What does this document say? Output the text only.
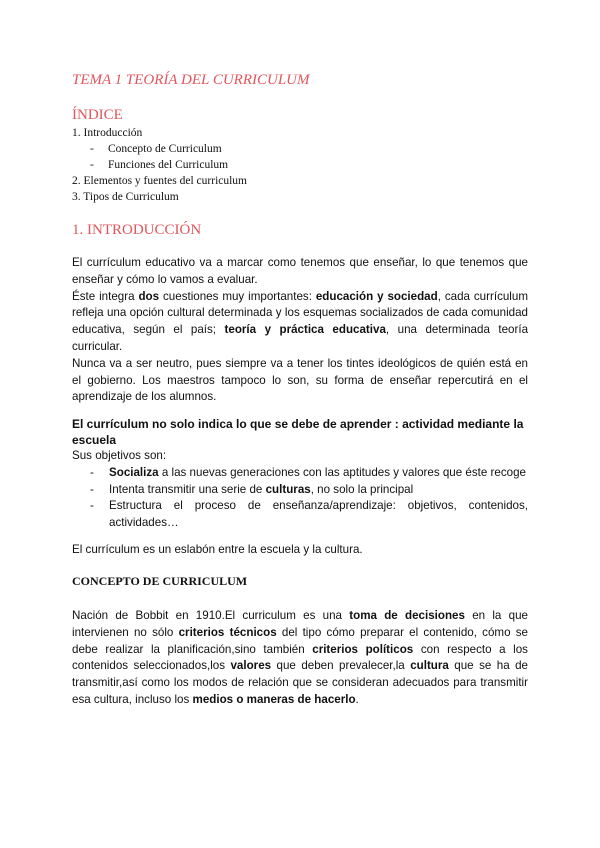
TEMA 1 TEORÍA DEL CURRICULUM
ÍNDICE
1. Introducción
- Concepto de Curriculum
- Funciones del Curriculum
2. Elementos y fuentes del curriculum
3. Tipos de Curriculum
1. INTRODUCCIÓN
El currículum educativo va a marcar como tenemos que enseñar, lo que tenemos que enseñar y cómo lo vamos a evaluar.
Éste integra dos cuestiones muy importantes: educación y sociedad, cada currículum refleja una opción cultural determinada y los esquemas socializados de cada comunidad educativa, según el país; teoría y práctica educativa, una determinada teoría curricular.
Nunca va a ser neutro, pues siempre va a tener los tintes ideológicos de quién está en el gobierno. Los maestros tampoco lo son, su forma de enseñar repercutirá en el aprendizaje de los alumnos.
El currículum no solo indica lo que se debe de aprender : actividad mediante la escuela
Sus objetivos son:
- Socializa a las nuevas generaciones con las aptitudes y valores que éste recoge
- Intenta transmitir una serie de culturas, no solo la principal
- Estructura el proceso de enseñanza/aprendizaje: objetivos, contenidos, actividades…
El currículum es un eslabón entre la escuela y la cultura.
CONCEPTO DE CURRICULUM
Nación de Bobbit en 1910.El curriculum es una toma de decisiones en la que intervienen no sólo criterios técnicos del tipo cómo preparar el contenido, cómo se debe realizar la planificación,sino también criterios políticos con respecto a los contenidos seleccionados,los valores que deben prevalecer,la cultura que se ha de transmitir,así como los modos de relación que se consideran adecuados para transmitir esa cultura, incluso los medios o maneras de hacerlo.
